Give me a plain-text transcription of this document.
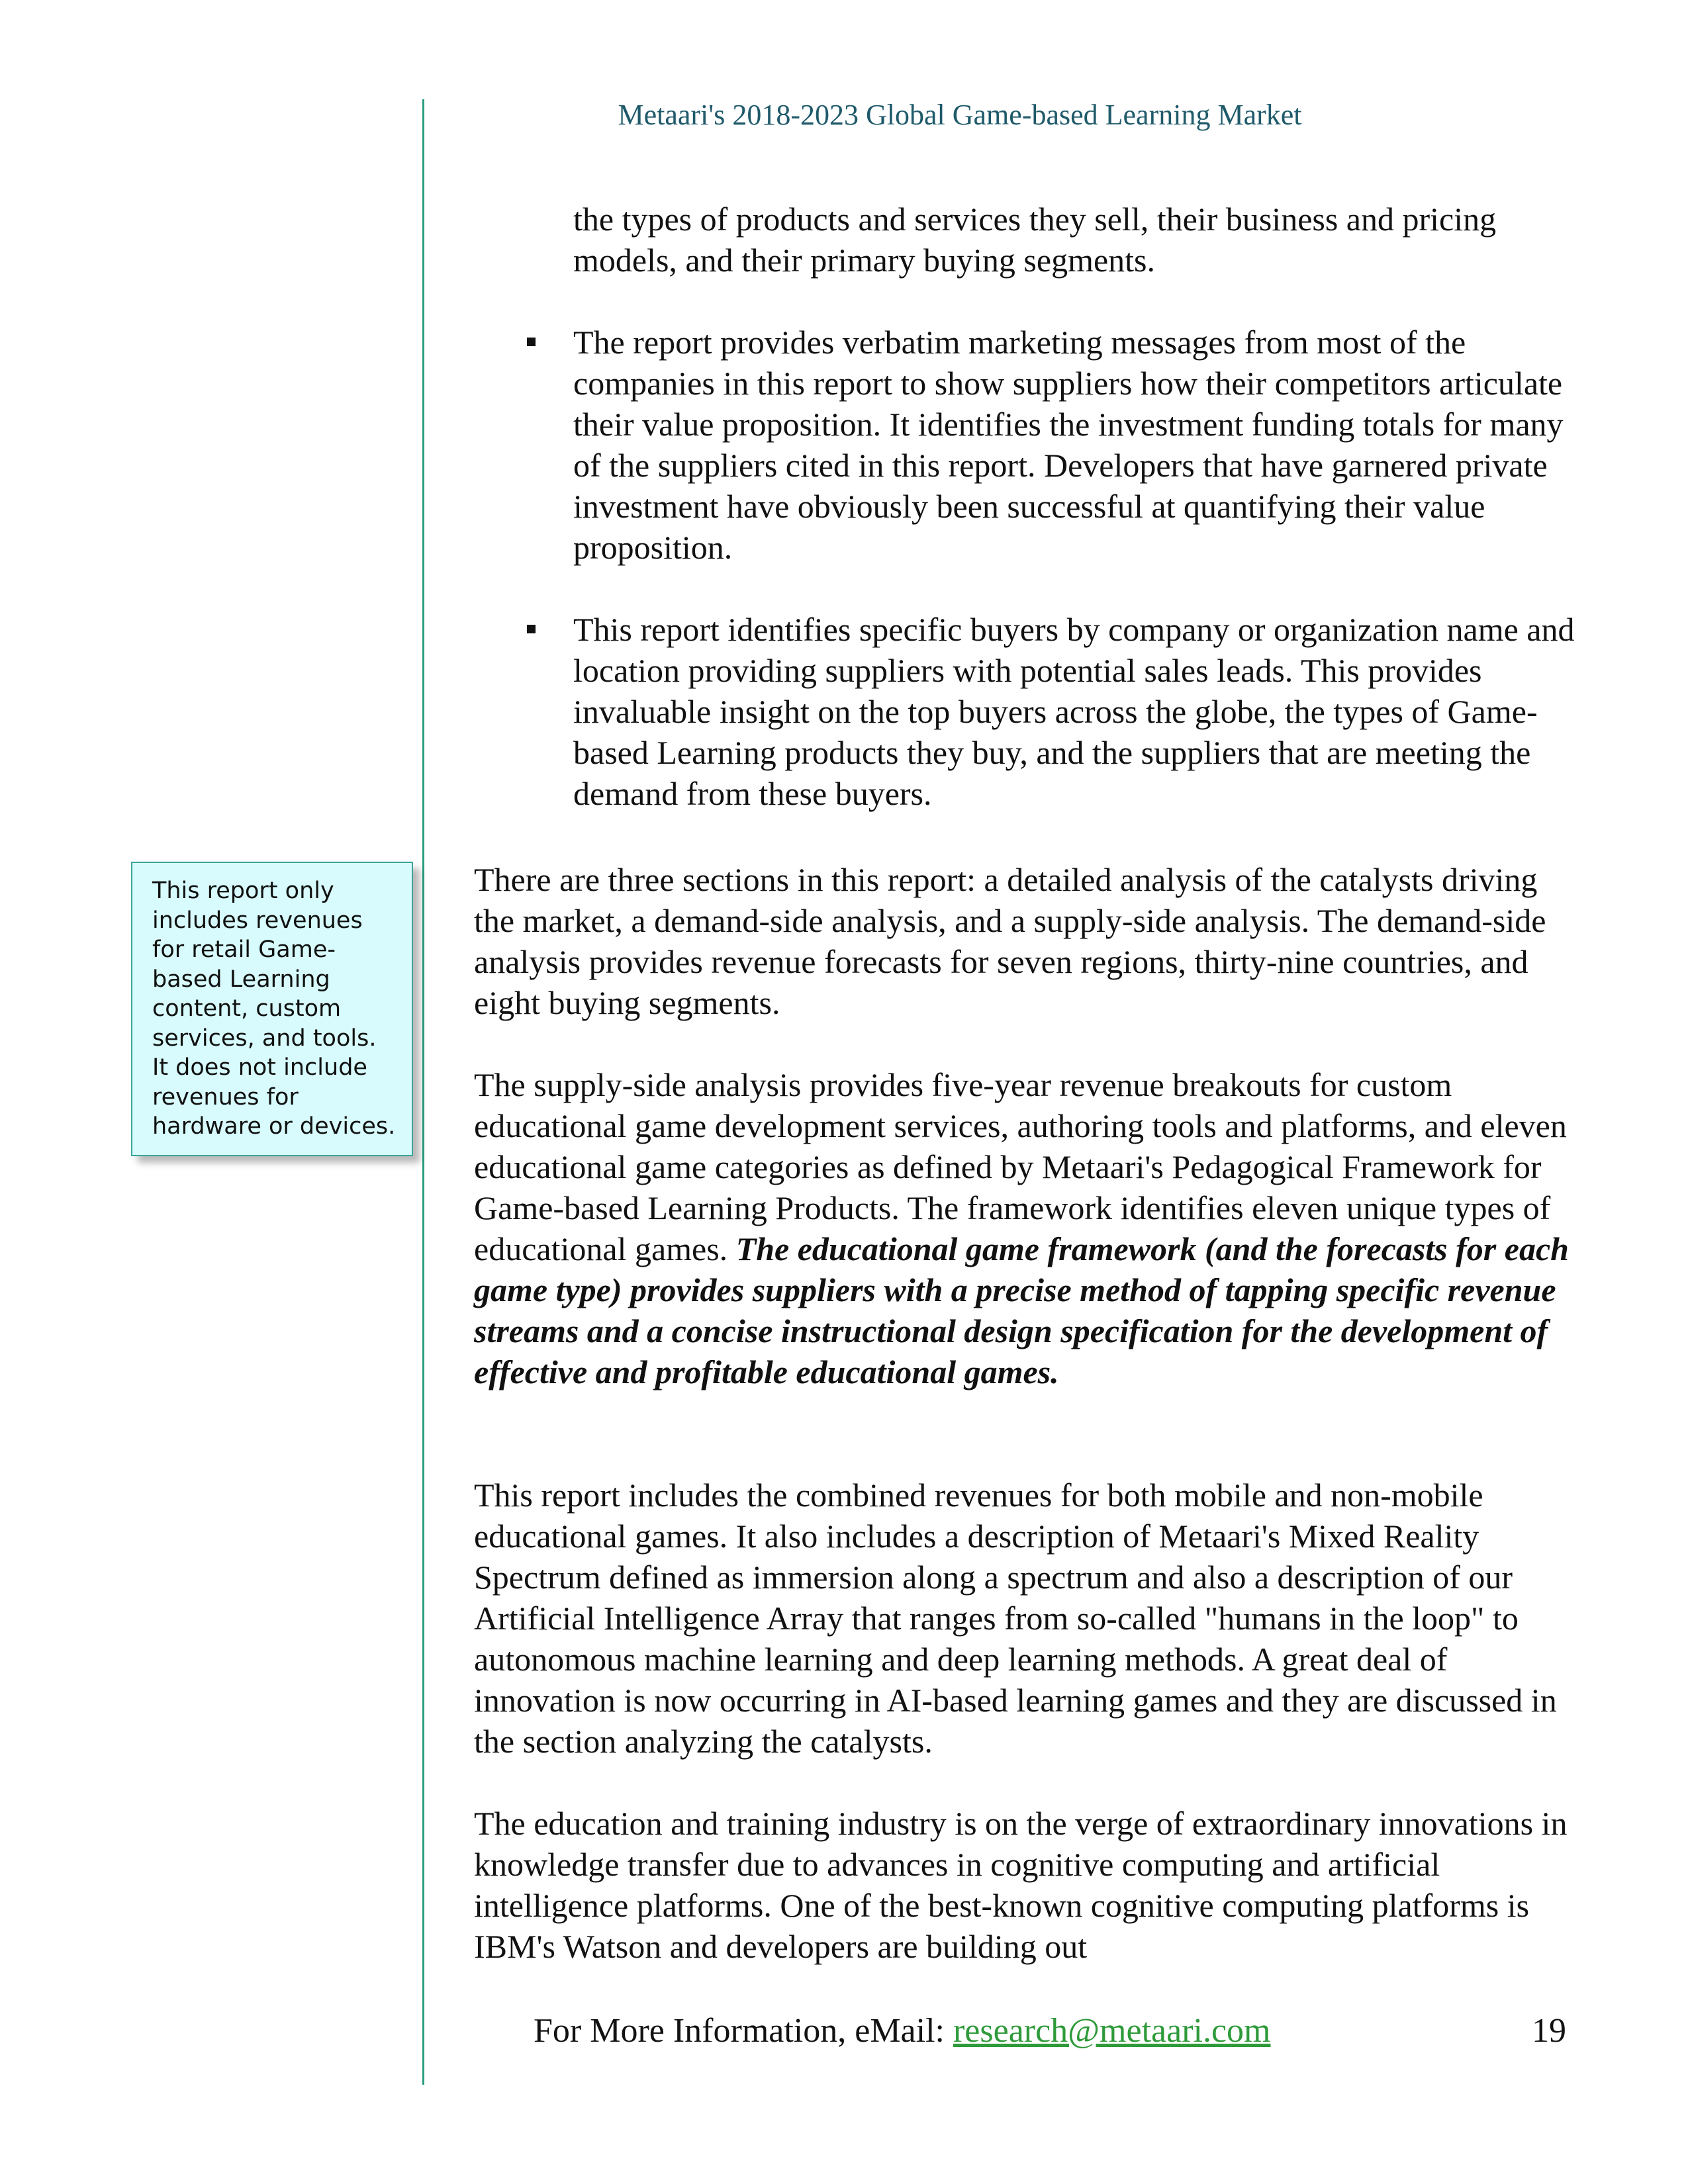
Metaari's 2018-2023 Global Game-based Learning Market

the types of products and services they sell, their business and pricing models, and their primary buying segments.

The report provides verbatim marketing messages from most of the companies in this report to show suppliers how their competitors articulate their value proposition. It identifies the investment funding totals for many of the suppliers cited in this report. Developers that have garnered private investment have obviously been successful at quantifying their value proposition.
This report identifies specific buyers by company or organization name and location providing suppliers with potential sales leads. This provides invaluable insight on the top buyers across the globe, the types of Game-based Learning products they buy, and the suppliers that are meeting the demand from these buyers.

There are three sections in this report: a detailed analysis of the catalysts driving the market, a demand-side analysis, and a supply-side analysis. The demand-side analysis provides revenue forecasts for seven regions, thirty-nine countries, and eight buying segments.

The supply-side analysis provides five-year revenue breakouts for custom educational game development services, authoring tools and platforms, and eleven educational game categories as defined by Metaari's Pedagogical Framework for Game-based Learning Products. The framework identifies eleven unique types of educational games. The educational game framework (and the forecasts for each game type) provides suppliers with a precise method of tapping specific revenue streams and a concise instructional design specification for the development of effective and profitable educational games.

This report includes the combined revenues for both mobile and non-mobile educational games. It also includes a description of Metaari's Mixed Reality Spectrum defined as immersion along a spectrum and also a description of our Artificial Intelligence Array that ranges from so-called "humans in the loop" to autonomous machine learning and deep learning methods. A great deal of innovation is now occurring in AI-based learning games and they are discussed in the section analyzing the catalysts.

The education and training industry is on the verge of extraordinary innovations in knowledge transfer due to advances in cognitive computing and artificial intelligence platforms. One of the best-known cognitive computing platforms is IBM's Watson and developers are building out

This report only includes revenues for retail Game-based Learning content, custom services, and tools. It does not include revenues for hardware or devices.
For More Information, eMail: research@metaari.com	19
